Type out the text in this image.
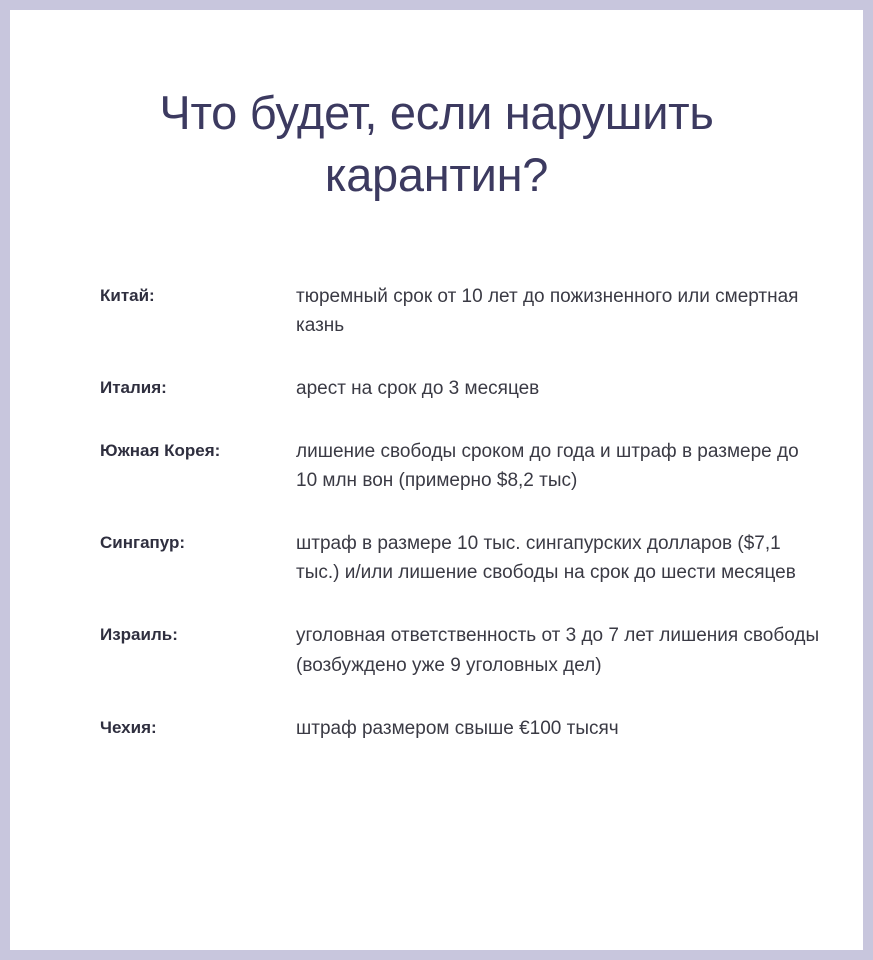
Что будет, если нарушить карантин?
Китай:	тюремный срок от 10 лет до пожизненного или смертная казнь
Италия:	арест на срок до 3 месяцев
Южная Корея:	лишение свободы сроком до года и штраф в размере до 10 млн вон (примерно $8,2 тыс)
Сингапур:	штраф в размере 10 тыс. сингапурских долларов ($7,1 тыс.) и/или лишение свободы на срок до шести месяцев
Израиль:	уголовная ответственность от 3 до 7 лет лишения свободы (возбуждено уже 9 уголовных дел)
Чехия:	штраф размером свыше €100 тысяч
